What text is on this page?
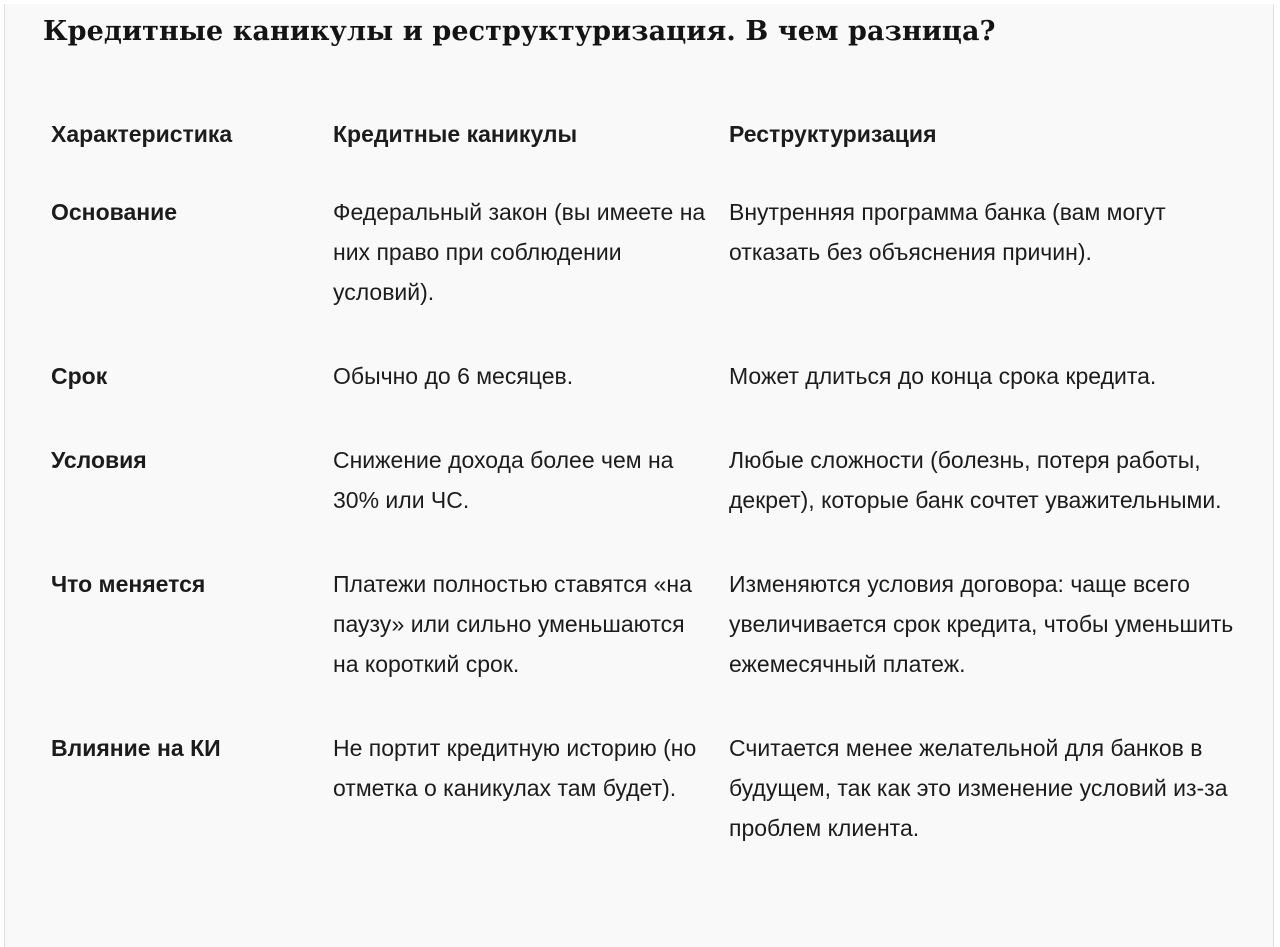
Кредитные каникулы и реструктуризация. В чем разница?
Характеристика	Кредитные каникулы	Реструктуризация
Основание	Федеральный закон (вы имеете на них право при соблюдении условий).	Внутренняя программа банка (вам могут отказать без объяснения причин).
Срок	Обычно до 6 месяцев.	Может длиться до конца срока кредита.
Условия	Снижение дохода более чем на 30% или ЧС.	Любые сложности (болезнь, потеря работы, декрет), которые банк сочтет уважительными.
Что меняется	Платежи полностью ставятся «на паузу» или сильно уменьшаются на короткий срок.	Изменяются условия договора: чаще всего увеличивается срок кредита, чтобы уменьшить ежемесячный платеж.
Влияние на КИ	Не портит кредитную историю (но отметка о каникулах там будет).	Считается менее желательной для банков в будущем, так как это изменение условий из-за проблем клиента.
